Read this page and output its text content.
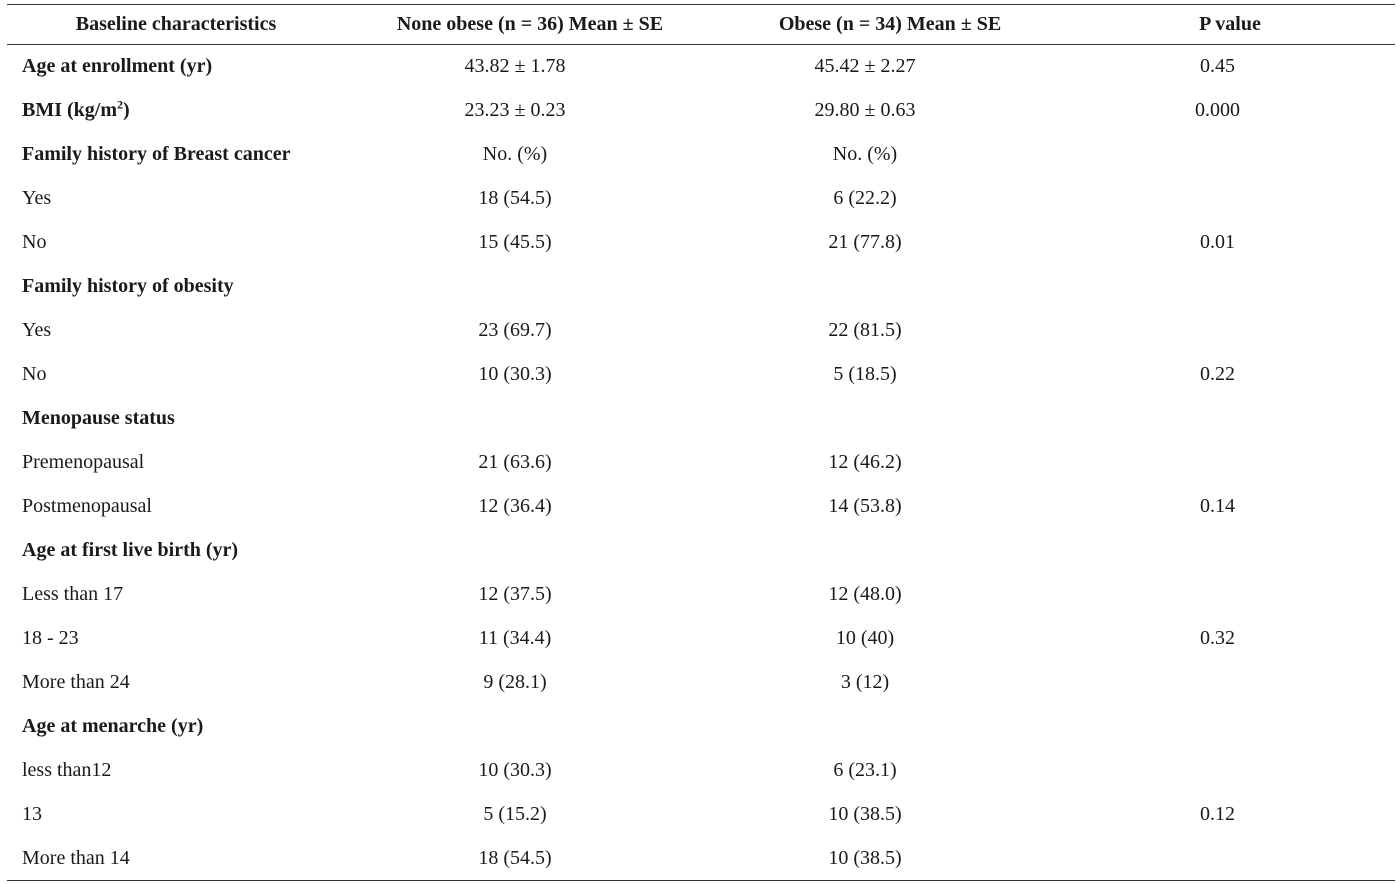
Baseline characteristics	None obese (n = 36) Mean ± SE	Obese (n = 34) Mean ± SE	P value
Age at enrollment (yr)	43.82 ± 1.78	45.42 ± 2.27	0.45
BMI $(kg/m^2)$	23.23 ± 0.23	29.80 ± 0.63	0.000
Family history of Breast cancer	No. (%)	No. (%)	
Yes	18 (54.5)	6 (22.2)	
No	15 (45.5)	21 (77.8)	0.01
Family history of obesity			
Yes	23 (69.7)	22 (81.5)	
No	10 (30.3)	5 (18.5)	0.22
Menopause status			
Premenopausal	21 (63.6)	12 (46.2)	
Postmenopausal	12 (36.4)	14 (53.8)	0.14
Age at first live birth (yr)			
Less than 17	12 (37.5)	12 (48.0)	
18 - 23	11 (34.4)	10 (40)	0.32
More than 24	9 (28.1)	3 (12)	
Age at menarche (yr)			
less than12	10 (30.3)	6 (23.1)	
13	5 (15.2)	10 (38.5)	0.12
More than 14	18 (54.5)	10 (38.5)	
